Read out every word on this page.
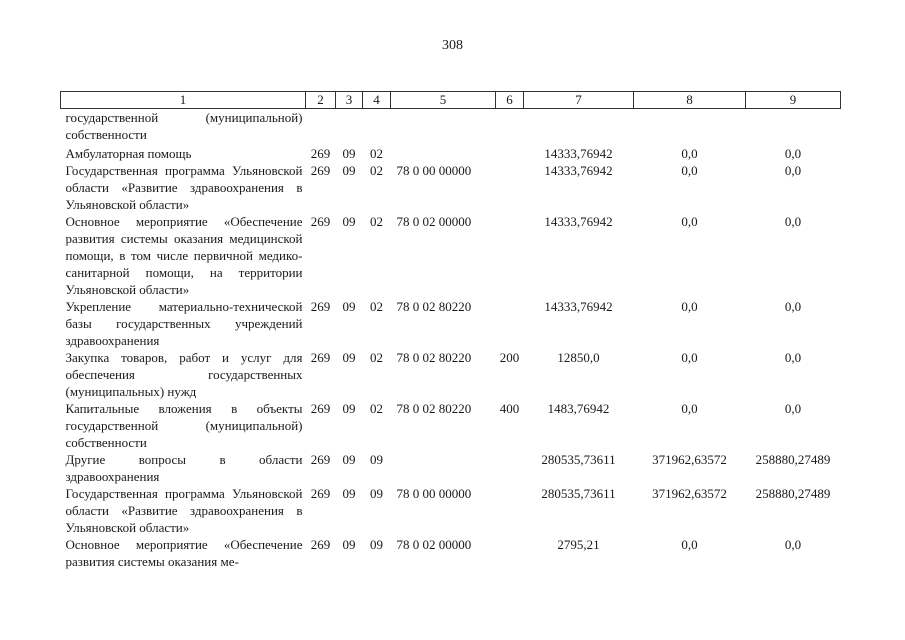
308
1	2	3	4	5	6	7	8	9
государственной (муниципальной) собственности								
Амбулаторная помощь	269	09	02			14333,76942	0,0	0,0
Государственная программа Ульяновской области «Развитие здравоохранения в Ульяновской области»	269	09	02	78 0 00 00000		14333,76942	0,0	0,0
Основное мероприятие «Обеспечение развития системы оказания медицинской помощи, в том числе первичной медико-санитарной помощи, на территории Ульяновской области»	269	09	02	78 0 02 00000		14333,76942	0,0	0,0
Укрепление материально-технической базы государственных учреждений здравоохранения	269	09	02	78 0 02 80220		14333,76942	0,0	0,0
Закупка товаров, работ и услуг для обеспечения государственных (муниципальных) нужд	269	09	02	78 0 02 80220	200	12850,0	0,0	0,0
Капитальные вложения в объекты государственной (муниципальной) собственности	269	09	02	78 0 02 80220	400	1483,76942	0,0	0,0
Другие вопросы в области здравоохранения	269	09	09			280535,73611	371962,63572	258880,27489
Государственная программа Ульяновской области «Развитие здравоохранения в Ульяновской области»	269	09	09	78 0 00 00000		280535,73611	371962,63572	258880,27489
Основное мероприятие «Обеспечение развития системы оказания ме-	269	09	09	78 0 02 00000		2795,21	0,0	0,0
